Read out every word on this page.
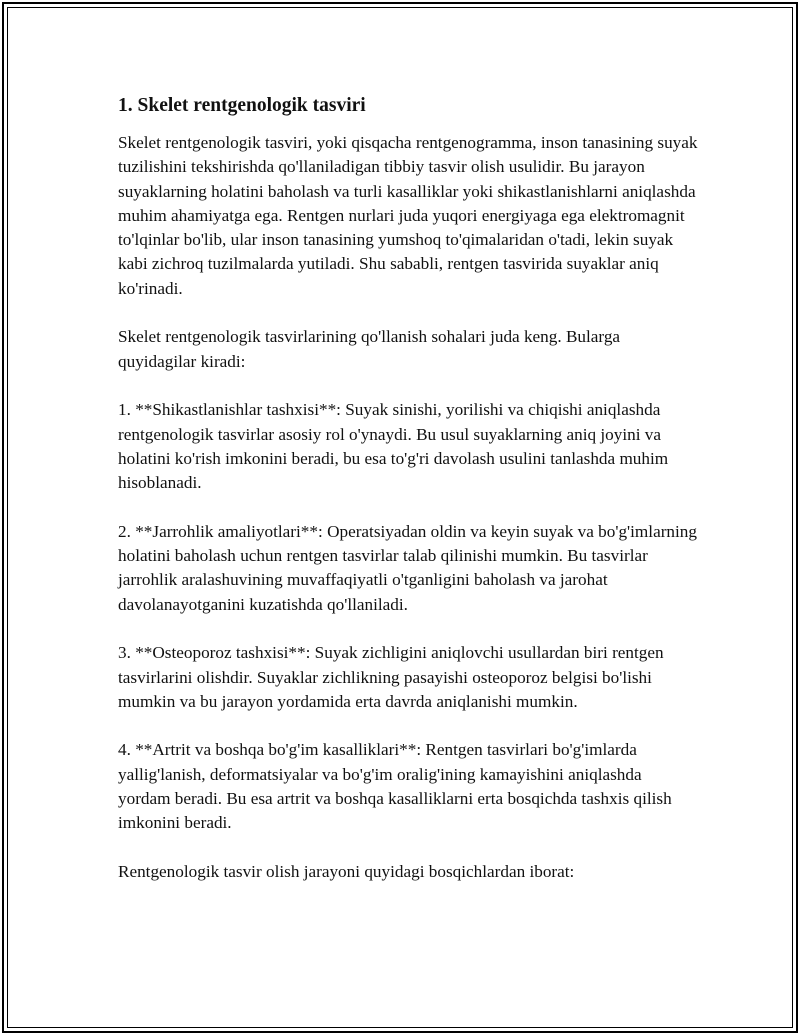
1. Skelet rentgenologik tasviri

Skelet rentgenologik tasviri, yoki qisqacha rentgenogramma, inson tanasining suyak tuzilishini tekshirishda qo'llaniladigan tibbiy tasvir olish usulidir. Bu jarayon suyaklarning holatini baholash va turli kasalliklar yoki shikastlanishlarni aniqlashda muhim ahamiyatga ega. Rentgen nurlari juda yuqori energiyaga ega elektromagnit to'lqinlar bo'lib, ular inson tanasining yumshoq to'qimalaridan o'tadi, lekin suyak kabi zichroq tuzilmalarda yutiladi. Shu sababli, rentgen tasvirida suyaklar aniq ko'rinadi.

Skelet rentgenologik tasvirlarining qo'llanish sohalari juda keng. Bularga quyidagilar kiradi:

1. **Shikastlanishlar tashxisi**: Suyak sinishi, yorilishi va chiqishi aniqlashda rentgenologik tasvirlar asosiy rol o'ynaydi. Bu usul suyaklarning aniq joyini va holatini ko'rish imkonini beradi, bu esa to'g'ri davolash usulini tanlashda muhim hisoblanadi.

2. **Jarrohlik amaliyotlari**: Operatsiyadan oldin va keyin suyak va bo'g'imlarning holatini baholash uchun rentgen tasvirlar talab qilinishi mumkin. Bu tasvirlar jarrohlik aralashuvining muvaffaqiyatli o'tganligini baholash va jarohat davolanayotganini kuzatishda qo'llaniladi.

3. **Osteoporoz tashxisi**: Suyak zichligini aniqlovchi usullardan biri rentgen tasvirlarini olishdir. Suyaklar zichlikning pasayishi osteoporoz belgisi bo'lishi mumkin va bu jarayon yordamida erta davrda aniqlanishi mumkin.

4. **Artrit va boshqa bo'g'im kasalliklari**: Rentgen tasvirlari bo'g'imlarda yallig'lanish, deformatsiyalar va bo'g'im oralig'ining kamayishini aniqlashda yordam beradi. Bu esa artrit va boshqa kasalliklarni erta bosqichda tashxis qilish imkonini beradi.

Rentgenologik tasvir olish jarayoni quyidagi bosqichlardan iborat:
